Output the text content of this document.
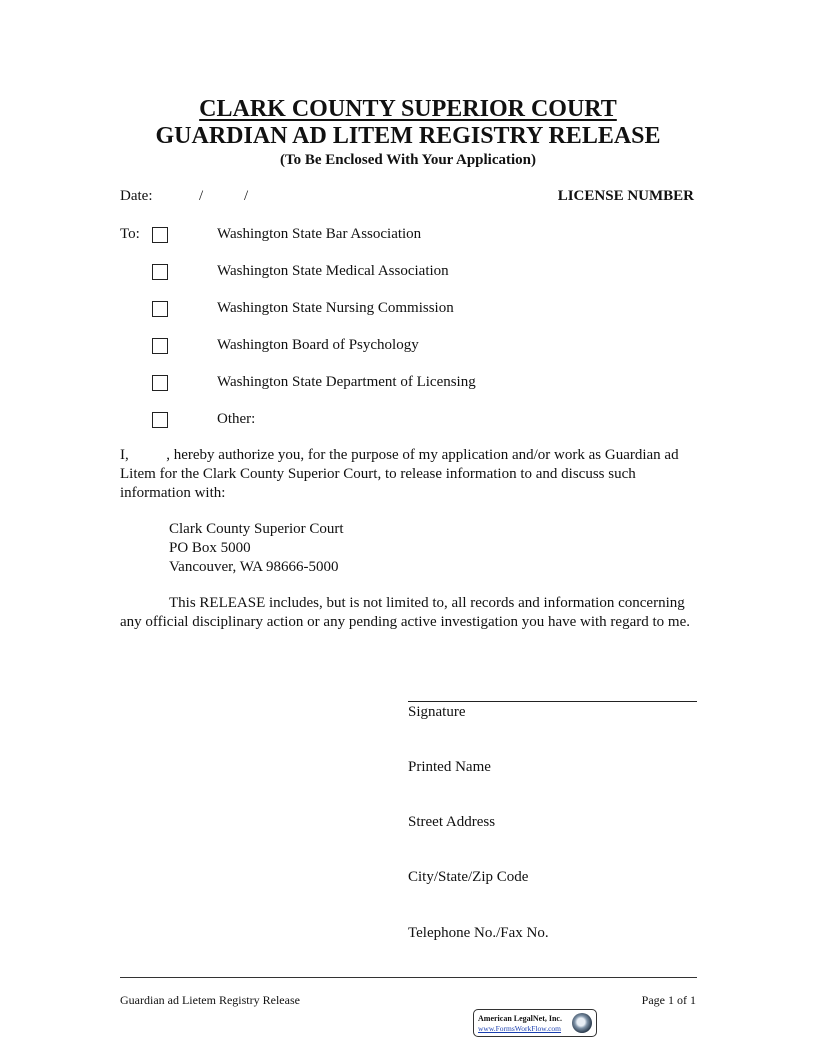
CLARK COUNTY SUPERIOR COURT
GUARDIAN AD LITEM REGISTRY RELEASE
(To Be Enclosed With Your Application)
Date:	/	/	LICENSE NUMBER
To:	Washington State Bar Association
Washington State Medical Association
Washington State Nursing Commission
Washington Board of Psychology
Washington State Department of Licensing
Other:
I,          , hereby authorize you, for the purpose of my application and/or work as Guardian ad Litem for the Clark County Superior Court, to release information to and discuss such information with:
Clark County Superior Court
PO Box 5000
Vancouver, WA 98666-5000
This RELEASE includes, but is not limited to, all records and information concerning any official disciplinary action or any pending active investigation you have with regard to me.
Signature
Printed Name
Street Address
City/State/Zip Code
Telephone No./Fax No.
Guardian ad Lietem Registry Release	Page 1 of 1
American LegalNet, Inc.
www.FormsWorkFlow.com
